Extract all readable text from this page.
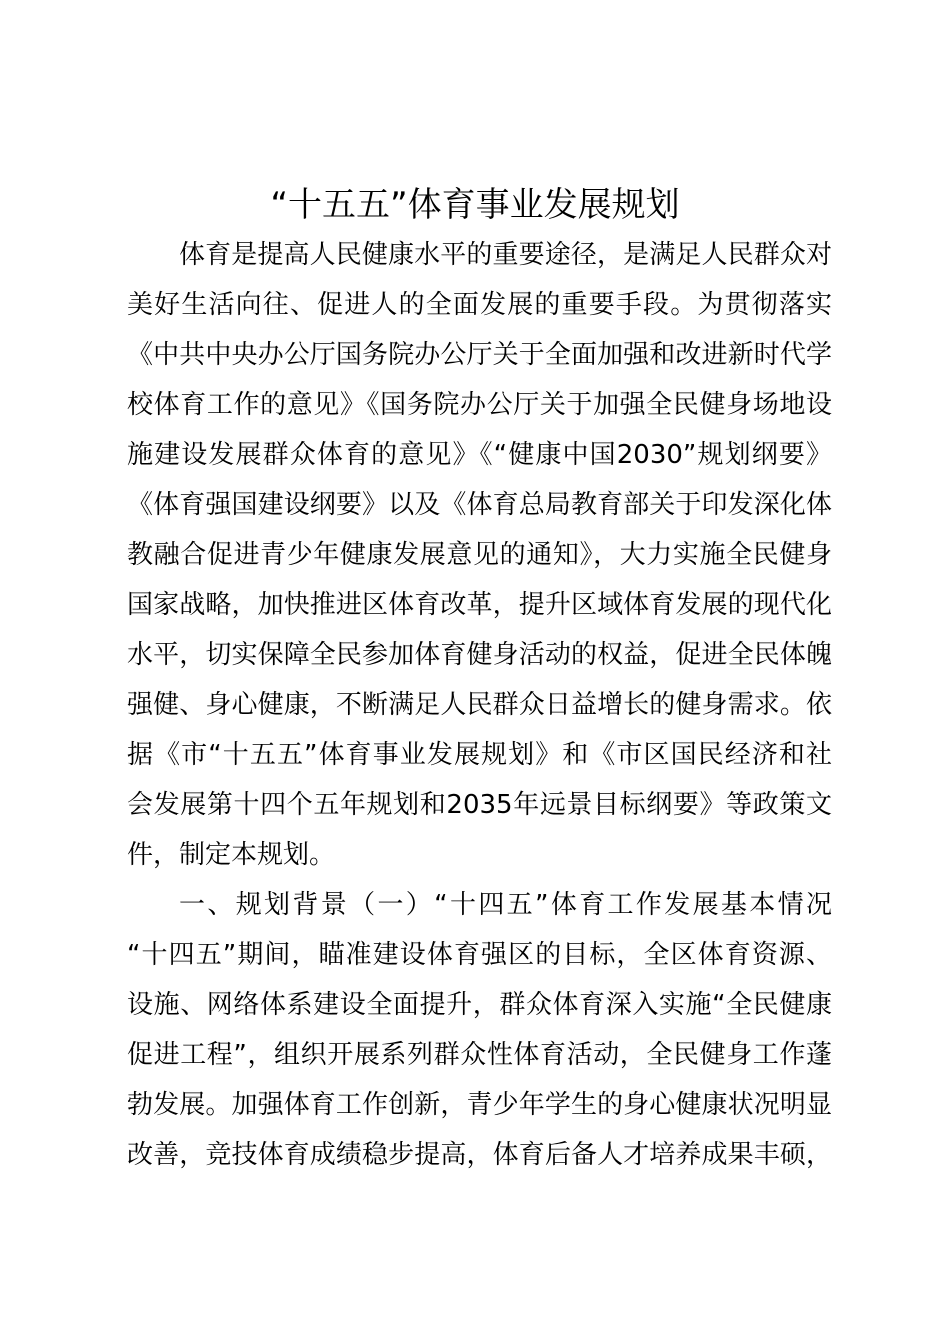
“十五五”体育事业发展规划
体育是提高人民健康水平的重要途径，是满足人民群众对
美好生活向往、促进人的全面发展的重要手段。为贯彻落实
《中共中央办公厅国务院办公厅关于全面加强和改进新时代学
校体育工作的意见》《国务院办公厅关于加强全民健身场地设
施建设发展群众体育的意见》《“健康中国2030”规划纲要》
《体育强国建设纲要》以及《体育总局教育部关于印发深化体
教融合促进青少年健康发展意见的通知》，大力实施全民健身
国家战略，加快推进区体育改革，提升区域体育发展的现代化
水平，切实保障全民参加体育健身活动的权益，促进全民体魄
强健、身心健康，不断满足人民群众日益增长的健身需求。依
据《市“十五五”体育事业发展规划》和《市区国民经济和社
会发展第十四个五年规划和2035年远景目标纲要》等政策文
件，制定本规划。
一、规划背景（一）“十四五”体育工作发展基本情况
“十四五”期间，瞄准建设体育强区的目标，全区体育资源、
设施、网络体系建设全面提升，群众体育深入实施“全民健康
促进工程”，组织开展系列群众性体育活动，全民健身工作蓬
勃发展。加强体育工作创新，青少年学生的身心健康状况明显
改善，竞技体育成绩稳步提高，体育后备人才培养成果丰硕，
